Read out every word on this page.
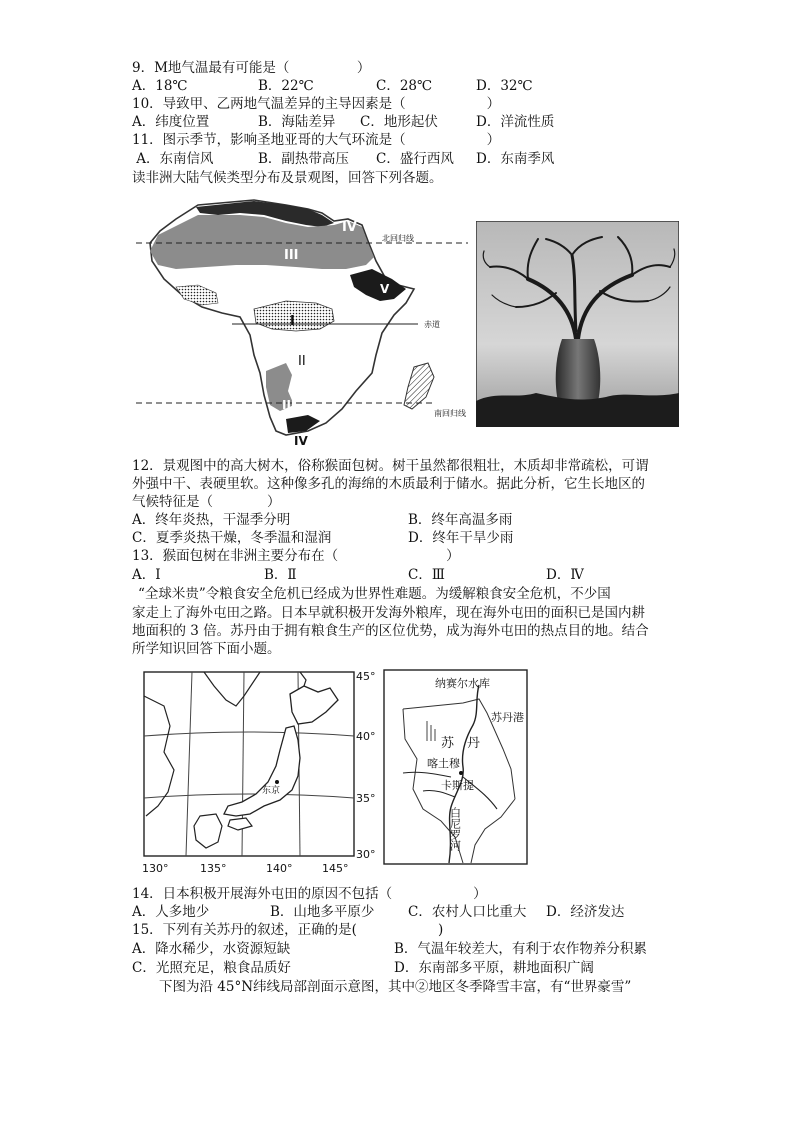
9．M地气温最有可能是（　　　　　）
A．18℃	B．22℃	C．28℃	D．32℃
10．导致甲、乙两地气温差异的主导因素是（　　　　　　）
A．纬度位置	B．海陆差异 C．地形起伏	D．洋流性质
11．图示季节，影响圣地亚哥的大气环流是（　　　　　　）
A．东南信风	B．副热带高压 C．盛行西风 D．东南季风
读非洲大陆气候类型分布及景观图，回答下列各题。
IV
III
V
I
II
III
IV
北回归线
赤道
南回归线
12．景观图中的高大树木，俗称猴面包树。树干虽然都很粗壮，木质却非常疏松，可谓
外强中干、表硬里软。这种像多孔的海绵的木质最利于储水。据此分析，它生长地区的
气候特征是（　　　　）
A．终年炎热，干湿季分明	B．终年高温多雨
C．夏季炎热干燥，冬季温和湿润	D．终年干旱少雨
13．猴面包树在非洲主要分布在（　　　　　　　　）
A．Ⅰ	B．Ⅱ	C．Ⅲ	D．Ⅳ
“全球米贵”令粮食安全危机已经成为世界性难题。为缓解粮食安全危机，不少国
家走上了海外屯田之路。日本早就积极开发海外粮库，现在海外屯田的面积已是国内耕
地面积的 3 倍。苏丹由于拥有粮食生产的区位优势，成为海外屯田的热点目的地。结合
所学知识回答下面小题。
东京
45°
40°
35°
30°
130°	135°	140°	145°
纳赛尔水库
苏丹港
苏　丹
喀土穆
卡斯提
白尼罗河
14．日本积极开展海外屯田的原因不包括（　　　　　　）
A．人多地少	B．山地多平原少 C．农村人口比重大 D．经济发达
15．下列有关苏丹的叙述，正确的是(　　　　　　)
A．降水稀少，水资源短缺	B．气温年较差大，有利于农作物养分积累
C．光照充足，粮食品质好	D．东南部多平原，耕地面积广阔
　　下图为沿 45°N纬线局部剖面示意图，其中②地区冬季降雪丰富，有“世界豪雪”
